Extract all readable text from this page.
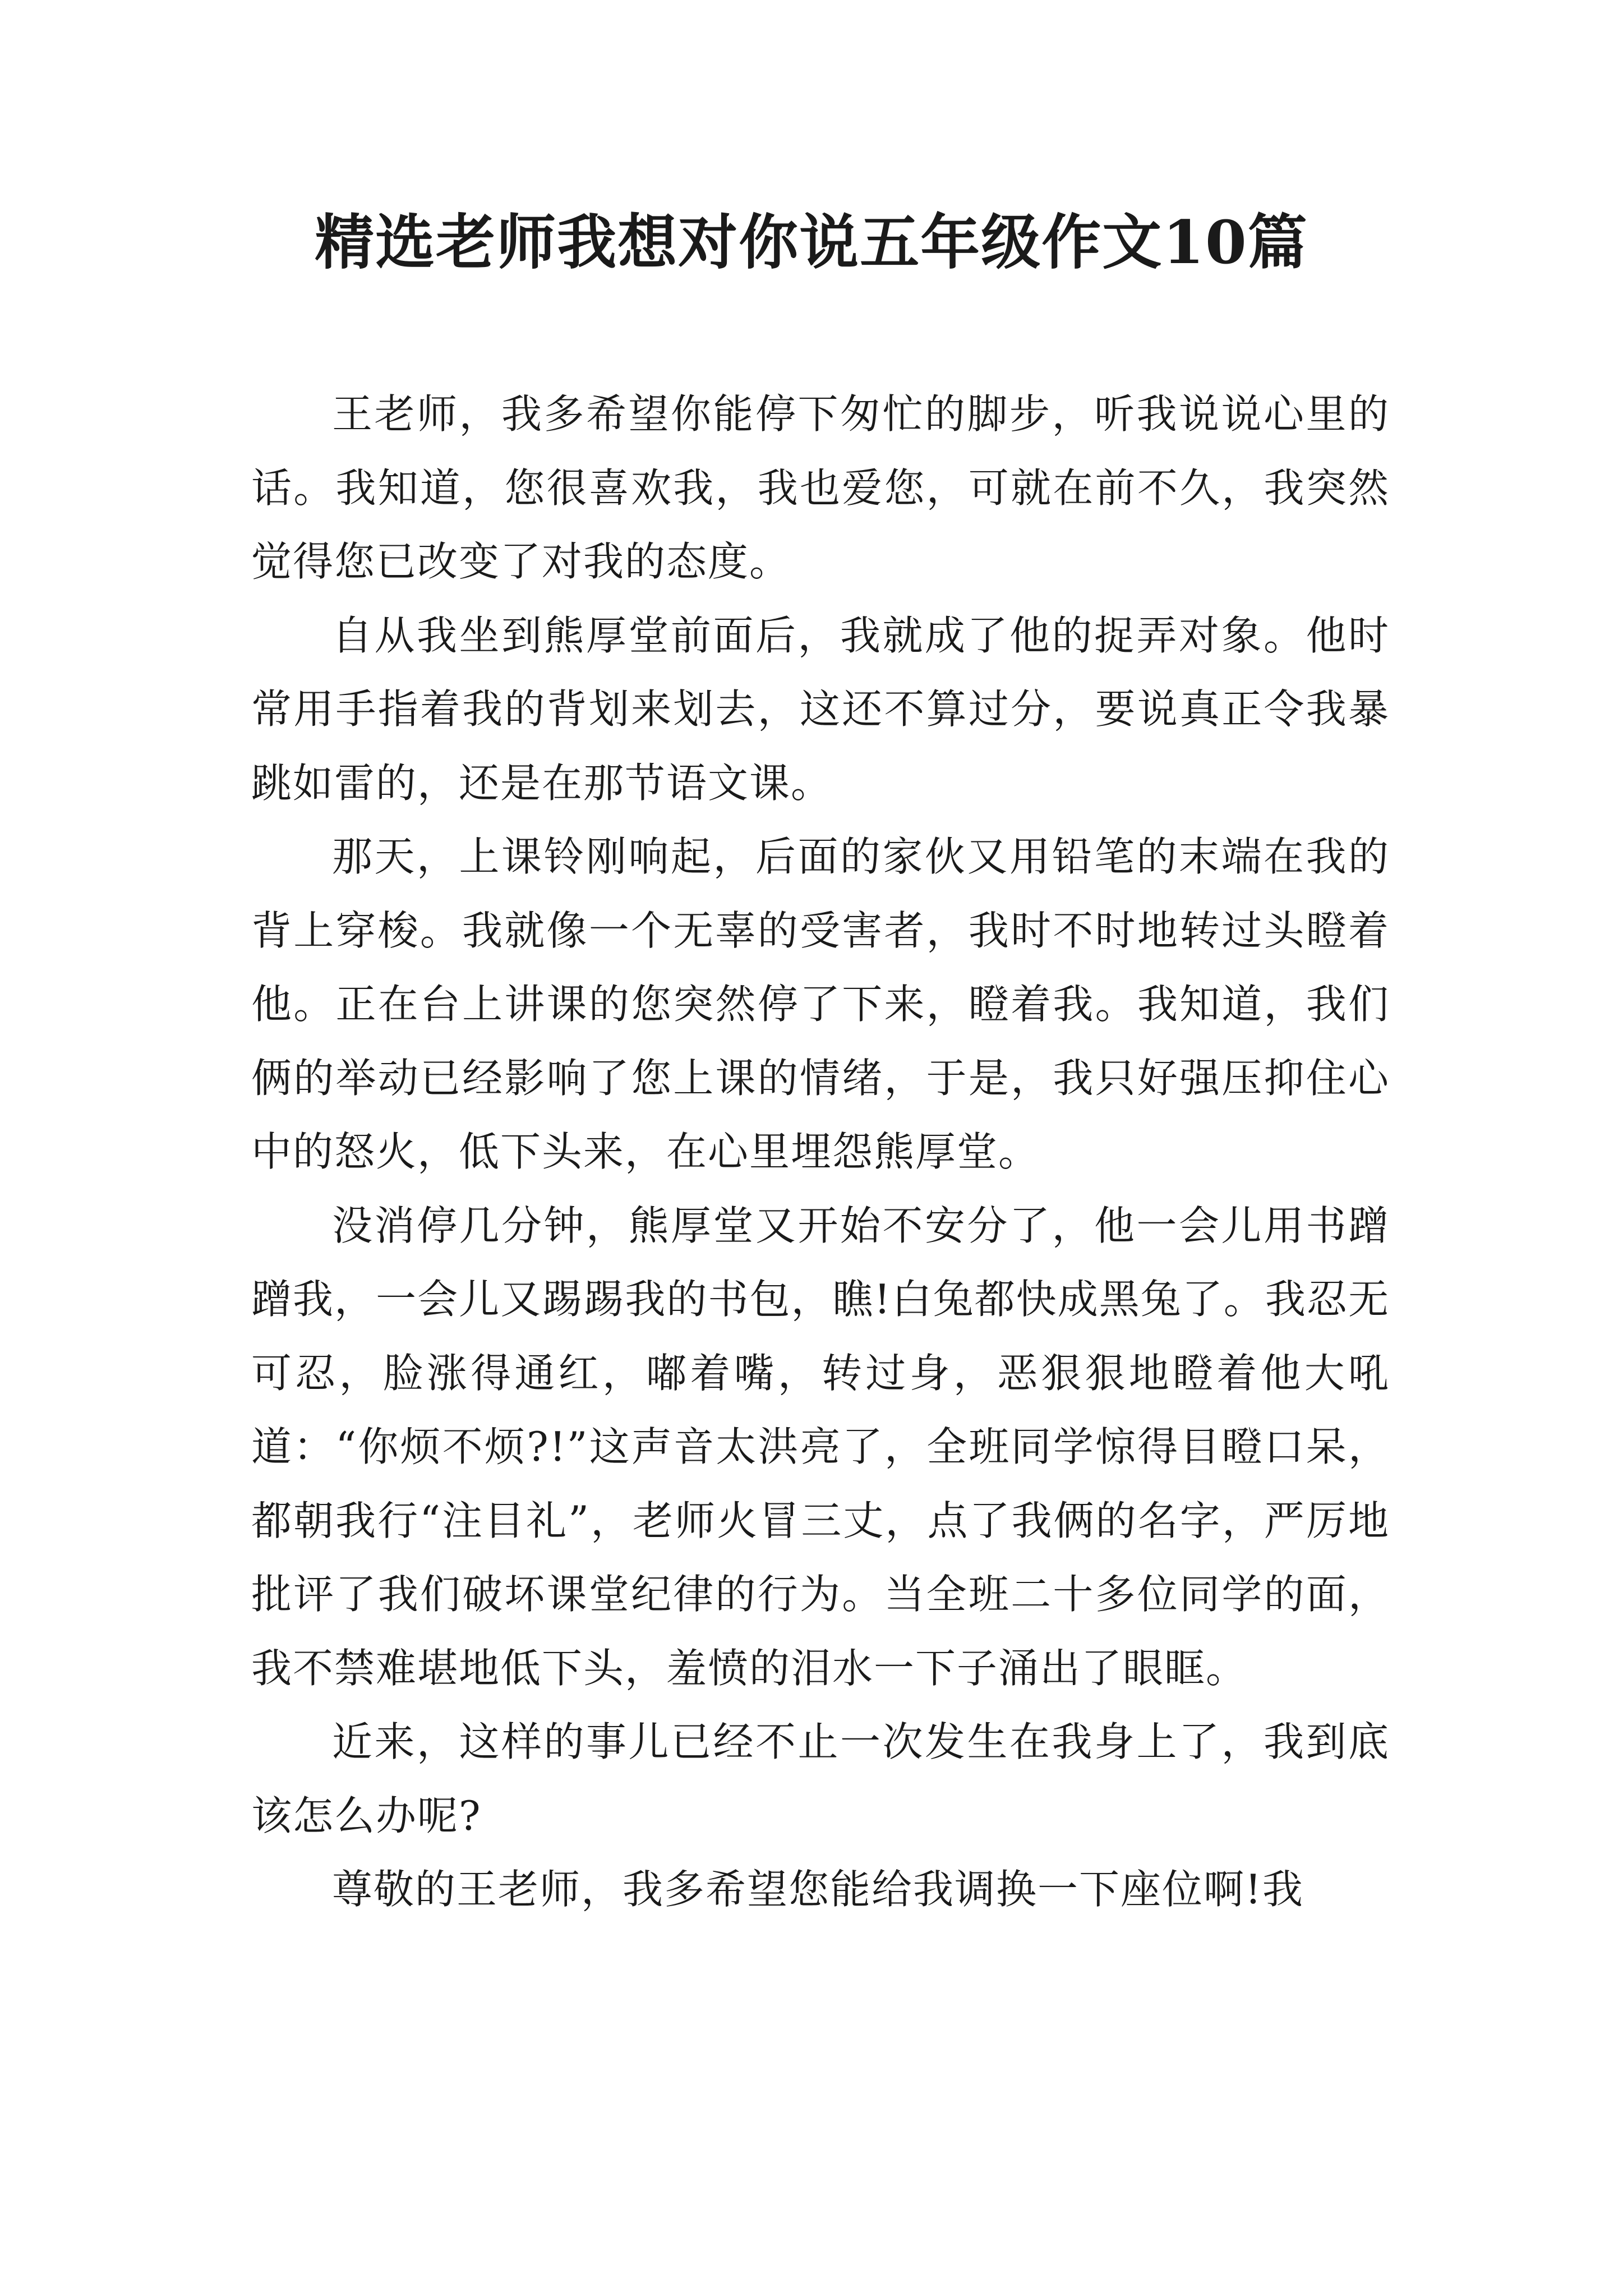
精选老师我想对你说五年级作文10篇

王老师，我多希望你能停下匆忙的脚步，听我说说心里的话。我知道，您很喜欢我，我也爱您，可就在前不久，我突然觉得您已改变了对我的态度。

自从我坐到熊厚堂前面后，我就成了他的捉弄对象。他时常用手指着我的背划来划去，这还不算过分，要说真正令我暴跳如雷的，还是在那节语文课。

那天，上课铃刚响起，后面的家伙又用铅笔的末端在我的背上穿梭。我就像一个无辜的受害者，我时不时地转过头瞪着他。正在台上讲课的您突然停了下来，瞪着我。我知道，我们俩的举动已经影响了您上课的情绪，于是，我只好强压抑住心中的怒火，低下头来，在心里埋怨熊厚堂。

没消停几分钟，熊厚堂又开始不安分了，他一会儿用书蹭蹭我，一会儿又踢踢我的书包，瞧!白兔都快成黑兔了。我忍无可忍，脸涨得通红，嘟着嘴，转过身，恶狠狠地瞪着他大吼道：“你烦不烦?!”这声音太洪亮了，全班同学惊得目瞪口呆，都朝我行“注目礼”，老师火冒三丈，点了我俩的名字，严厉地批评了我们破坏课堂纪律的行为。当全班二十多位同学的面，我不禁难堪地低下头，羞愤的泪水一下子涌出了眼眶。

近来，这样的事儿已经不止一次发生在我身上了，我到底该怎么办呢?

尊敬的王老师，我多希望您能给我调换一下座位啊!我
